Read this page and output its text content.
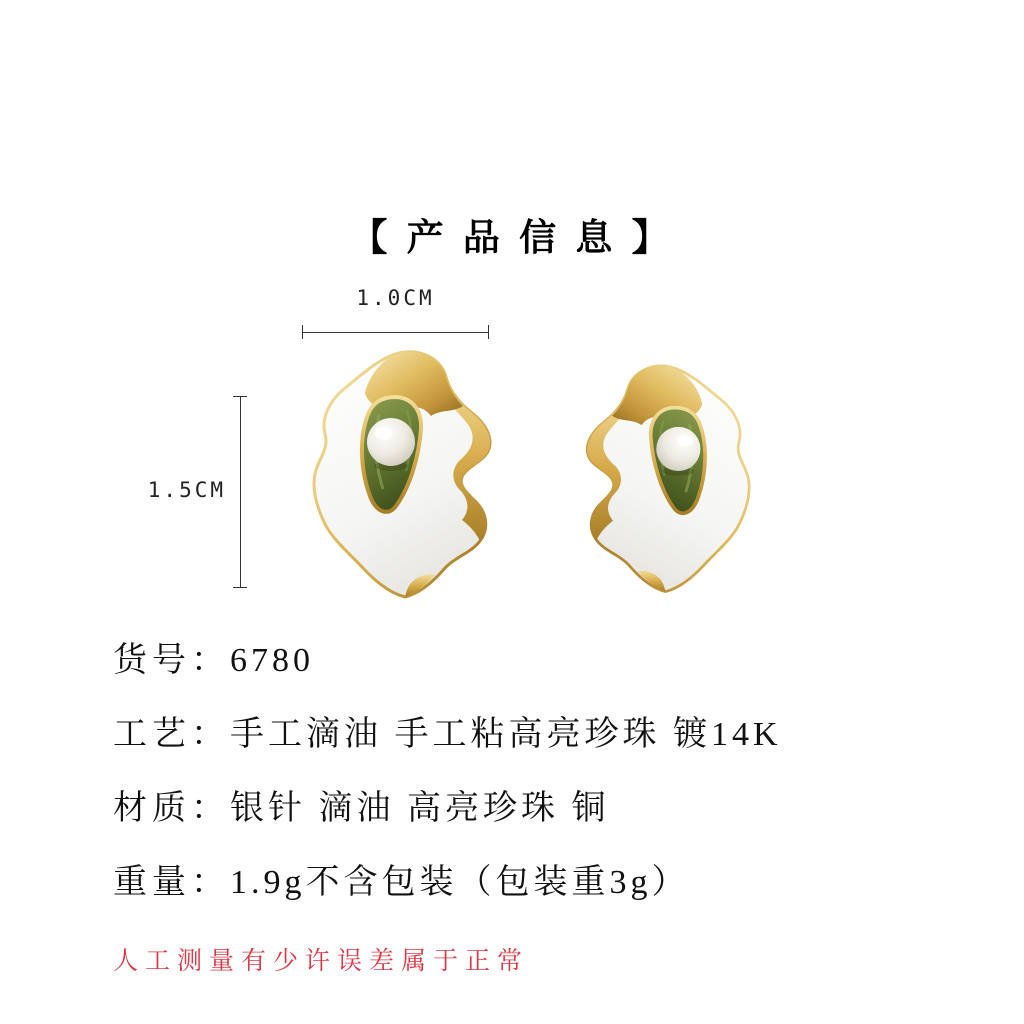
【 产 品 信 息 】
1.0CM
1.5CM
货号：6780
工艺：手工滴油 手工粘高亮珍珠 镀14K
材质：银针 滴油 高亮珍珠 铜
重量：1.9g不含包装（包装重3g）
人工测量有少许误差属于正常
